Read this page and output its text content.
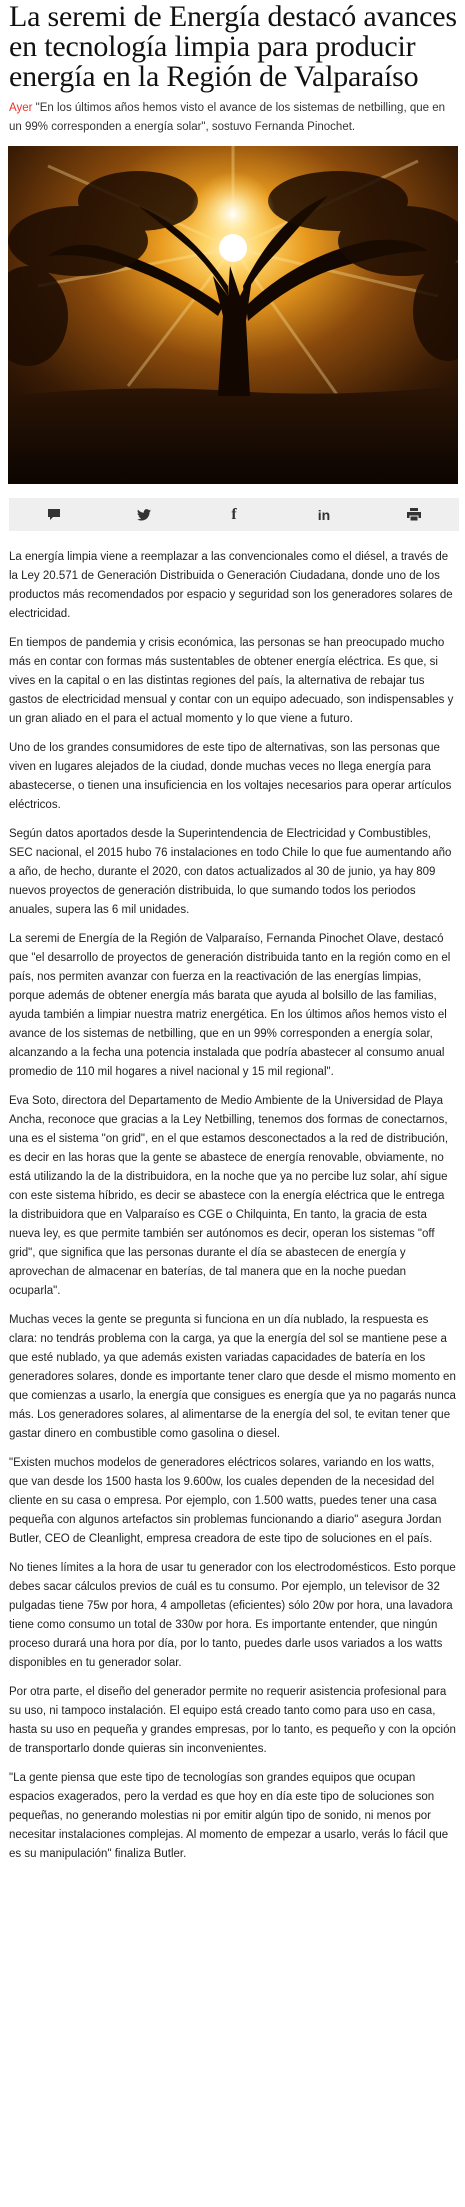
La seremi de Energía destacó avances en tecnología limpia para producir energía en la Región de Valparaíso

Ayer "En los últimos años hemos visto el avance de los sistemas de netbilling, que en un 99% corresponden a energía solar", sostuvo Fernanda Pinochet.

f	in

La energía limpia viene a reemplazar a las convencionales como el diésel, a través de la Ley 20.571 de Generación Distribuida o Generación Ciudadana, donde uno de los productos más recomendados por espacio y seguridad son los generadores solares de electricidad.

En tiempos de pandemia y crisis económica, las personas se han preocupado mucho más en contar con formas más sustentables de obtener energía eléctrica. Es que, si vives en la capital o en las distintas regiones del país, la alternativa de rebajar tus gastos de electricidad mensual y contar con un equipo adecuado, son indispensables y un gran aliado en el para el actual momento y lo que viene a futuro.

Uno de los grandes consumidores de este tipo de alternativas, son las personas que viven en lugares alejados de la ciudad, donde muchas veces no llega energía para abastecerse, o tienen una insuficiencia en los voltajes necesarios para operar artículos eléctricos.

Según datos aportados desde la Superintendencia de Electricidad y Combustibles, SEC nacional, el 2015 hubo 76 instalaciones en todo Chile lo que fue aumentando año a año, de hecho, durante el 2020, con datos actualizados al 30 de junio, ya hay 809 nuevos proyectos de generación distribuida, lo que sumando todos los periodos anuales, supera las 6 mil unidades.

La seremi de Energía de la Región de Valparaíso, Fernanda Pinochet Olave, destacó que "el desarrollo de proyectos de generación distribuida tanto en la región como en el país, nos permiten avanzar con fuerza en la reactivación de las energías limpias, porque además de obtener energía más barata que ayuda al bolsillo de las familias, ayuda también a limpiar nuestra matriz energética. En los últimos años hemos visto el avance de los sistemas de netbilling, que en un 99% corresponden a energía solar, alcanzando a la fecha una potencia instalada que podría abastecer al consumo anual promedio de 110 mil hogares a nivel nacional y 15 mil regional".

Eva Soto, directora del Departamento de Medio Ambiente de la Universidad de Playa Ancha, reconoce que gracias a la Ley Netbilling, tenemos dos formas de conectarnos, una es el sistema "on grid", en el que estamos desconectados a la red de distribución, es decir en las horas que la gente se abastece de energía renovable, obviamente, no está utilizando la de la distribuidora, en la noche que ya no percibe luz solar, ahí sigue con este sistema híbrido, es decir se abastece con la energía eléctrica que le entrega la distribuidora que en Valparaíso es CGE o Chilquinta, En tanto, la gracia de esta nueva ley, es que permite también ser autónomos es decir, operan los sistemas "off grid", que significa que las personas durante el día se abastecen de energía y aprovechan de almacenar en baterías, de tal manera que en la noche puedan ocuparla".

Muchas veces la gente se pregunta si funciona en un día nublado, la respuesta es clara: no tendrás problema con la carga, ya que la energía del sol se mantiene pese a que esté nublado, ya que además existen variadas capacidades de batería en los generadores solares, donde es importante tener claro que desde el mismo momento en que comienzas a usarlo, la energía que consigues es energía que ya no pagarás nunca más. Los generadores solares, al alimentarse de la energía del sol, te evitan tener que gastar dinero en combustible como gasolina o diesel.

"Existen muchos modelos de generadores eléctricos solares, variando en los watts, que van desde los 1500 hasta los 9.600w, los cuales dependen de la necesidad del cliente en su casa o empresa. Por ejemplo, con 1.500 watts, puedes tener una casa pequeña con algunos artefactos sin problemas funcionando a diario" asegura Jordan Butler, CEO de Cleanlight, empresa creadora de este tipo de soluciones en el país.

No tienes límites a la hora de usar tu generador con los electrodomésticos. Esto porque debes sacar cálculos previos de cuál es tu consumo. Por ejemplo, un televisor de 32 pulgadas tiene 75w por hora, 4 ampolletas (eficientes) sólo 20w por hora, una lavadora tiene como consumo un total de 330w por hora. Es importante entender, que ningún proceso durará una hora por día, por lo tanto, puedes darle usos variados a los watts disponibles en tu generador solar.

Por otra parte, el diseño del generador permite no requerir asistencia profesional para su uso, ni tampoco instalación. El equipo está creado tanto como para uso en casa, hasta su uso en pequeña y grandes empresas, por lo tanto, es pequeño y con la opción de transportarlo donde quieras sin inconvenientes.

"La gente piensa que este tipo de tecnologías son grandes equipos que ocupan espacios exagerados, pero la verdad es que hoy en día este tipo de soluciones son pequeñas, no generando molestias ni por emitir algún tipo de sonido, ni menos por necesitar instalaciones complejas. Al momento de empezar a usarlo, verás lo fácil que es su manipulación" finaliza Butler.
